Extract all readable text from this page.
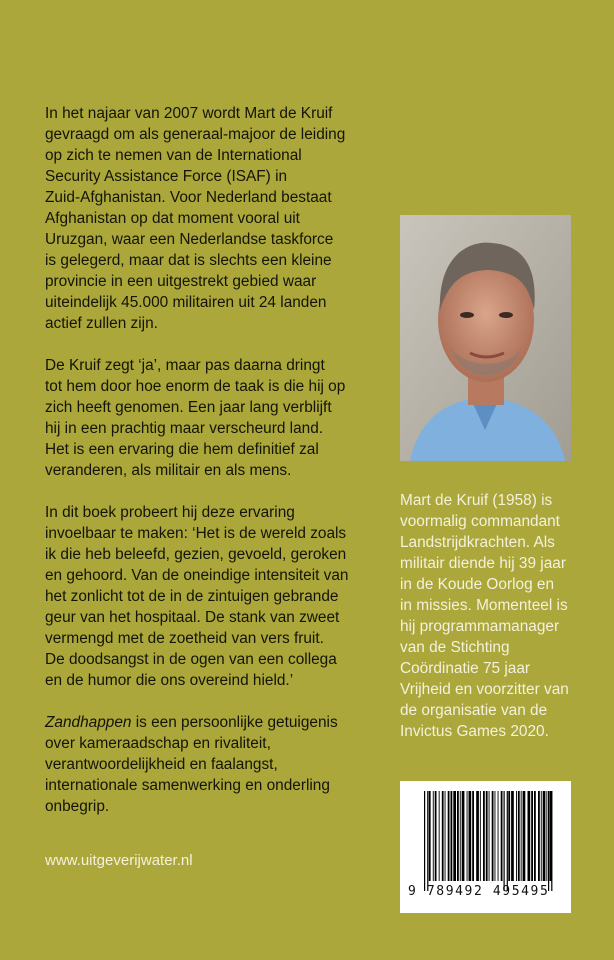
In het najaar van 2007 wordt Mart de Kruif
gevraagd om als generaal-majoor de leiding
op zich te nemen van de International
Security Assistance Force (ISAF) in
Zuid-Afghanistan. Voor Nederland bestaat
Afghanistan op dat moment vooral uit
Uruzgan, waar een Nederlandse taskforce
is gelegerd, maar dat is slechts een kleine
provincie in een uitgestrekt gebied waar
uiteindelijk 45.000 militairen uit 24 landen
actief zullen zijn.
De Kruif zegt ‘ja’, maar pas daarna dringt
tot hem door hoe enorm de taak is die hij op
zich heeft genomen. Een jaar lang verblijft
hij in een prachtig maar verscheurd land.
Het is een ervaring die hem definitief zal
veranderen, als militair en als mens.
In dit boek probeert hij deze ervaring
invoelbaar te maken: ‘Het is de wereld zoals
ik die heb beleefd, gezien, gevoeld, geroken
en gehoord. Van de oneindige intensiteit van
het zonlicht tot de in de zintuigen gebrande
geur van het hospitaal. De stank van zweet
vermengd met de zoetheid van vers fruit.
De doodsangst in de ogen van een collega
en de humor die ons overeind hield.’
Zandhappen is een persoonlijke getuigenis
over kameraadschap en rivaliteit,
verantwoordelijkheid en faalangst,
internationale samenwerking en onderling
onbegrip.
Mart de Kruif (1958) is
voormalig commandant
Landstrijdkrachten. Als
militair diende hij 39 jaar
in de Koude Oorlog en
in missies. Momenteel is
hij programmamanager
van de Stichting
Coördinatie 75 jaar
Vrijheid en voorzitter van
de organisatie van de
Invictus Games 2020.
www.uitgeverijwater.nl
9 789492 495495
